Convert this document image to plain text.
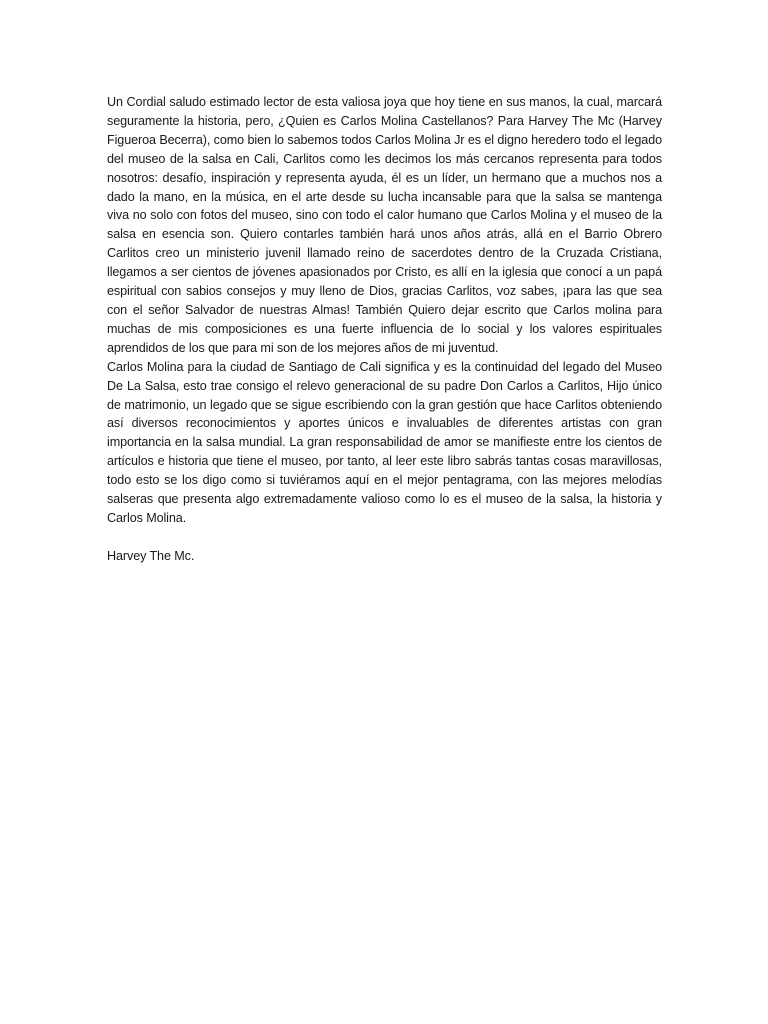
Un Cordial saludo estimado lector de esta valiosa joya que hoy tiene en sus manos, la cual, marcará seguramente la historia, pero, ¿Quien es Carlos Molina Castellanos? Para Harvey The Mc (Harvey Figueroa Becerra), como bien lo sabemos todos Carlos Molina Jr es el digno heredero todo el legado del museo de la salsa en Cali, Carlitos como les decimos los más cercanos representa para todos nosotros: desafío, inspiración y representa ayuda, él es un líder, un hermano que a muchos nos a dado la mano, en la música, en el arte desde su lucha incansable para que la salsa se mantenga viva no solo con fotos del museo, sino con todo el calor humano que Carlos Molina y el museo de la salsa en esencia son. Quiero contarles también hará unos años atrás, allá en el Barrio Obrero Carlitos creo un ministerio juvenil llamado reino de sacerdotes dentro de la Cruzada Cristiana, llegamos a ser cientos de jóvenes apasionados por Cristo, es allí en la iglesia que conocí a un papá espiritual con sabios consejos y muy lleno de Dios, gracias Carlitos, voz sabes, ¡para las que sea con el señor Salvador de nuestras Almas! También Quiero dejar escrito que Carlos molina para muchas de mis composiciones es una fuerte influencia de lo social y los valores espirituales aprendidos de los que para mi son de los mejores años de mi juventud.

Carlos Molina para la ciudad de Santiago de Cali significa y es la continuidad del legado del Museo De La Salsa, esto trae consigo el relevo generacional de su padre Don Carlos a Carlitos, Hijo único de matrimonio, un legado que se sigue escribiendo con la gran gestión que hace Carlitos obteniendo así diversos reconocimientos y aportes únicos e invaluables de diferentes artistas con gran importancia en la salsa mundial. La gran responsabilidad de amor se manifieste entre los cientos de artículos e historia que tiene el museo, por tanto, al leer este libro sabrás tantas cosas maravillosas, todo esto se los digo como si tuviéramos aquí en el mejor pentagrama, con las mejores melodías salseras que presenta algo extremadamente valioso como lo es el museo de la salsa, la historia y Carlos Molina.

Harvey The Mc.
